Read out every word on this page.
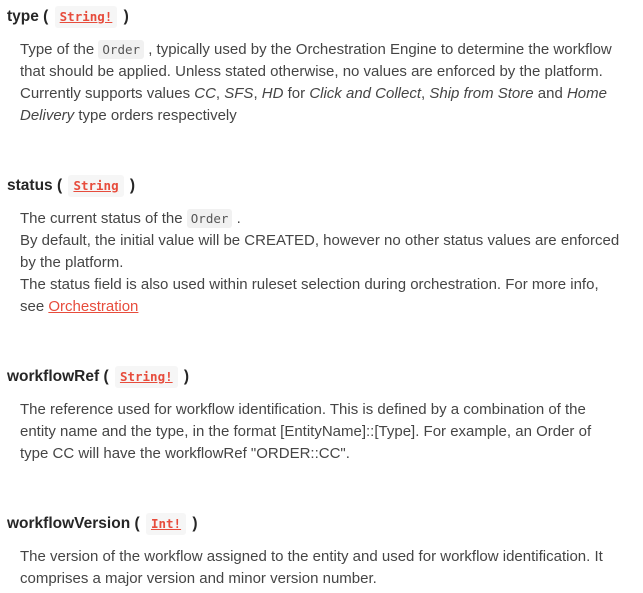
type ( String! )
Type of the Order , typically used by the Orchestration Engine to determine the workflow that should be applied. Unless stated otherwise, no values are enforced by the platform.
Currently supports values CC, SFS, HD for Click and Collect, Ship from Store and Home Delivery type orders respectively
status ( String )
The current status of the Order .
By default, the initial value will be CREATED, however no other status values are enforced by the platform.
The status field is also used within ruleset selection during orchestration. For more info, see Orchestration
workflowRef ( String! )
The reference used for workflow identification. This is defined by a combination of the entity name and the type, in the format [EntityName]::[Type]. For example, an Order of type CC will have the workflowRef "ORDER::CC".
workflowVersion ( Int! )
The version of the workflow assigned to the entity and used for workflow identification. It comprises a major version and minor version number.
